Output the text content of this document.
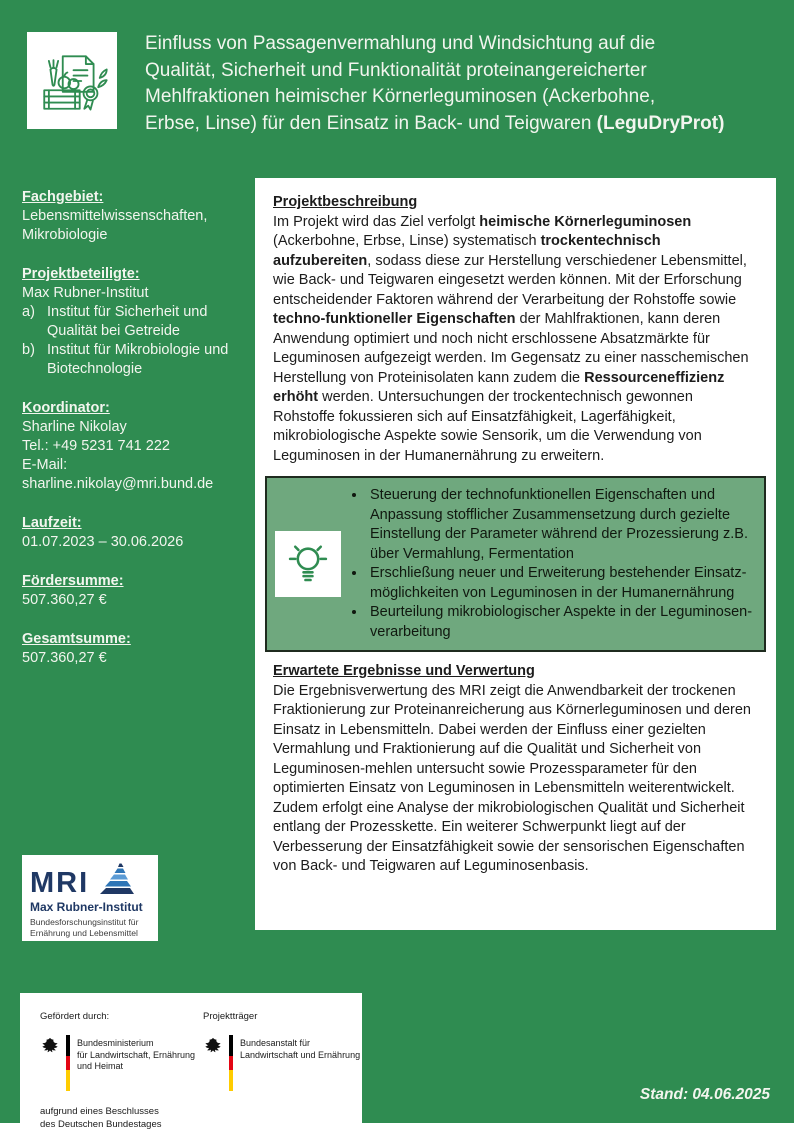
Einfluss von Passagenvermahlung und Windsichtung auf die
Qualität, Sicherheit und Funktionalität proteinangereicherter
Mehlfraktionen heimischer Körnerleguminosen (Ackerbohne,
Erbse, Linse) für den Einsatz in Back- und Teigwaren (LeguDryProt)
Fachgebiet:
Lebensmittelwissenschaften,
Mikrobiologie
Projektbeteiligte:
Max Rubner-Institut
a) Institut für Sicherheit und Qualität bei Getreide
b) Institut für Mikrobiologie und Biotechnologie
Koordinator:
Sharline Nikolay
Tel.: +49 5231 741 222
E-Mail:
sharline.nikolay@mri.bund.de
Laufzeit:
01.07.2023 – 30.06.2026
Fördersumme:
507.360,27 €
Gesamtsumme:
507.360,27 €
Projektbeschreibung

Im Projekt wird das Ziel verfolgt heimische Körnerleguminosen (Ackerbohne, Erbse, Linse) systematisch trockentechnisch aufzubereiten, sodass diese zur Herstellung verschiedener Lebensmittel, wie Back- und Teigwaren eingesetzt werden können. Mit der Erforschung entscheidender Faktoren während der Verarbeitung der Rohstoffe sowie techno-funktioneller Eigenschaften der Mahlfraktionen, kann deren Anwendung optimiert und noch nicht erschlossene Absatzmärkte für Leguminosen aufgezeigt werden. Im Gegensatz zu einer nasschemischen Herstellung von Proteinisolaten kann zudem die Ressourceneffizienz erhöht werden. Untersuchungen der trockentechnisch gewonnen Rohstoffe fokussieren sich auf Einsatzfähigkeit, Lagerfähigkeit, mikrobiologische Aspekte sowie Sensorik, um die Verwendung von Leguminosen in der Humanernährung zu erweitern.

• Steuerung der technofunktionellen Eigenschaften und Anpassung stofflicher Zusammensetzung durch gezielte Einstellung der Parameter während der Prozessierung z.B. über Vermahlung, Fermentation
• Erschließung neuer und Erweiterung bestehender Einsatz-möglichkeiten von Leguminosen in der Humanernährung
• Beurteilung mikrobiologischer Aspekte in der Leguminosen-verarbeitung
Erwartete Ergebnisse und Verwertung

Die Ergebnisverwertung des MRI zeigt die Anwendbarkeit der trockenen Fraktionierung zur Proteinanreicherung aus Körnerleguminosen und deren Einsatz in Lebensmitteln. Dabei werden der Einfluss einer gezielten Vermahlung und Fraktionierung auf die Qualität und Sicherheit von Leguminosen-mehlen untersucht sowie Prozessparameter für den optimierten Einsatz von Leguminosen in Lebensmitteln weiterentwickelt. Zudem erfolgt eine Analyse der mikrobiologischen Qualität und Sicherheit entlang der Prozesskette. Ein weiterer Schwerpunkt liegt auf der Verbesserung der Einsatzfähigkeit sowie der sensorischen Eigenschaften von Back- und Teigwaren auf Leguminosenbasis.

MRI
Max Rubner-Institut
Bundesforschungsinstitut für
Ernährung und Lebensmittel
Gefördert durch:
Bundesministerium
für Landwirtschaft, Ernährung
und Heimat
Projektträger
Bundesanstalt für
Landwirtschaft und Ernährung
aufgrund eines Beschlusses
des Deutschen Bundestages
Stand: 04.06.2025
